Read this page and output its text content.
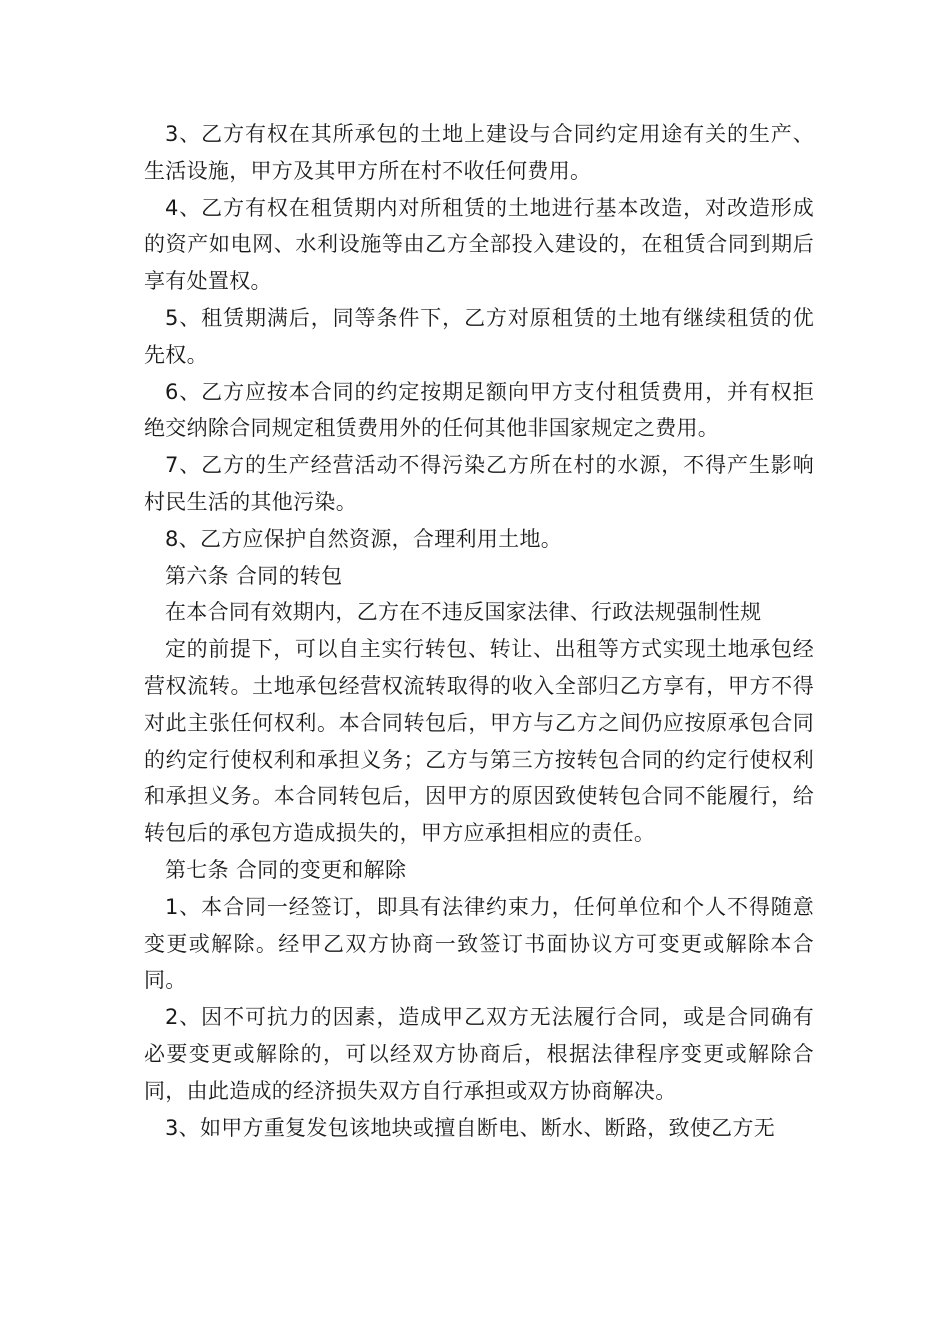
3、乙方有权在其所承包的土地上建设与合同约定用途有关的生产、生活设施，甲方及其甲方所在村不收任何费用。

4、乙方有权在租赁期内对所租赁的土地进行基本改造，对改造形成的资产如电网、水利设施等由乙方全部投入建设的，在租赁合同到期后享有处置权。

5、租赁期满后，同等条件下，乙方对原租赁的土地有继续租赁的优先权。

6、乙方应按本合同的约定按期足额向甲方支付租赁费用，并有权拒绝交纳除合同规定租赁费用外的任何其他非国家规定之费用。

7、乙方的生产经营活动不得污染乙方所在村的水源，不得产生影响村民生活的其他污染。

8、乙方应保护自然资源，合理利用土地。

第六条 合同的转包

在本合同有效期内，乙方在不违反国家法律、行政法规强制性规

定的前提下，可以自主实行转包、转让、出租等方式实现土地承包经营权流转。土地承包经营权流转取得的收入全部归乙方享有，甲方不得对此主张任何权利。本合同转包后，甲方与乙方之间仍应按原承包合同的约定行使权利和承担义务；乙方与第三方按转包合同的约定行使权利和承担义务。本合同转包后，因甲方的原因致使转包合同不能履行，给转包后的承包方造成损失的，甲方应承担相应的责任。

第七条 合同的变更和解除

1、本合同一经签订，即具有法律约束力，任何单位和个人不得随意变更或解除。经甲乙双方协商一致签订书面协议方可变更或解除本合同。

2、因不可抗力的因素，造成甲乙双方无法履行合同，或是合同确有必要变更或解除的，可以经双方协商后，根据法律程序变更或解除合同，由此造成的经济损失双方自行承担或双方协商解决。

3、如甲方重复发包该地块或擅自断电、断水、断路，致使乙方无
